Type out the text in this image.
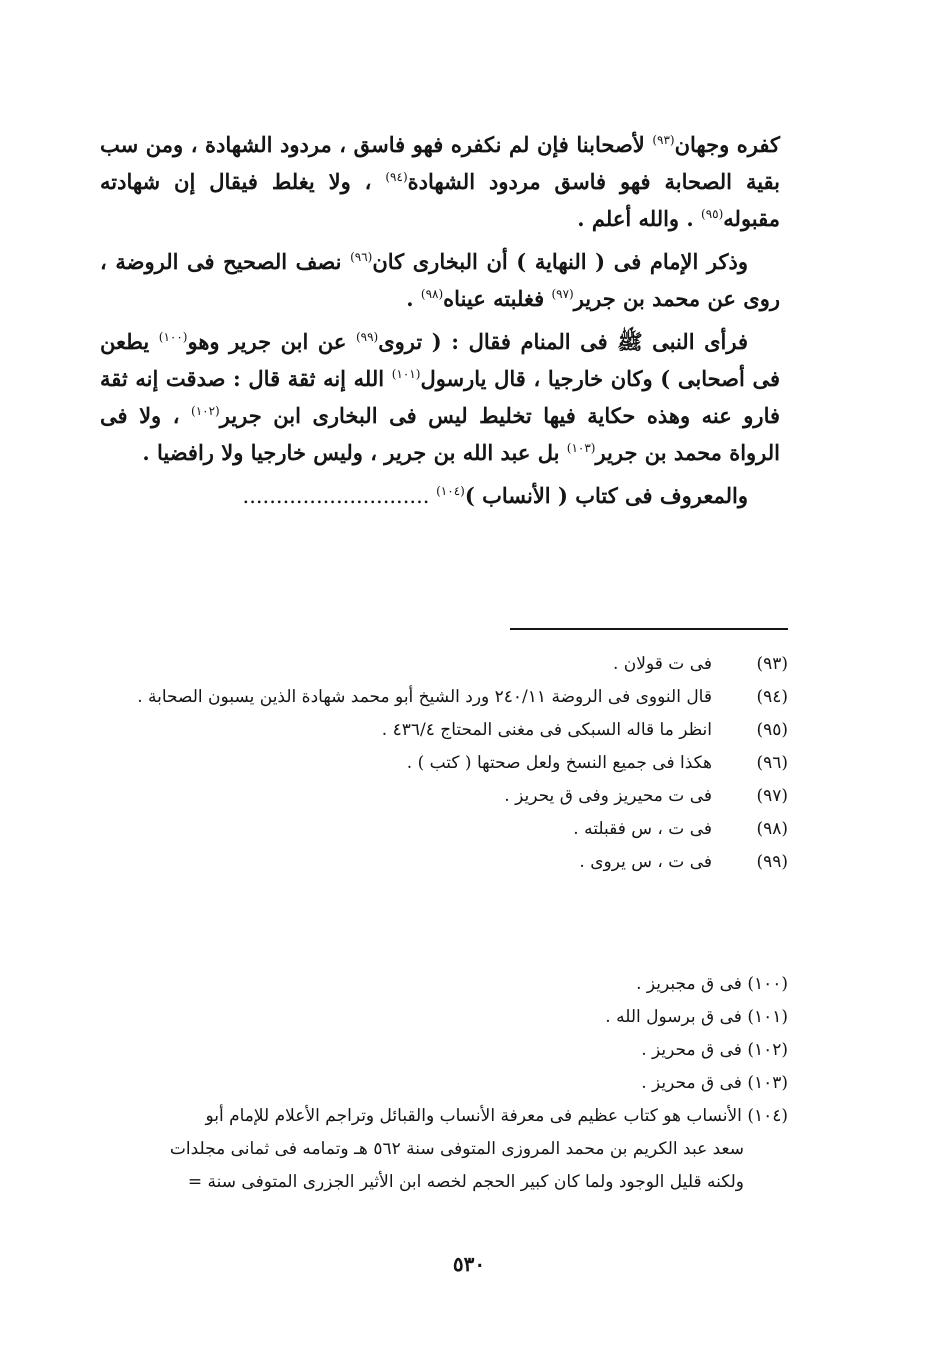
كفره وجهان$^{(٩٣)}$ لأصحابنا فإن لم نكفره فهو فاسق ، مردود الشهادة ، ومن سب بقية الصحابة فهو فاسق مردود الشهادة$^{(٩٤)}$ ، ولا يغلط فيقال إن شهادته مقبوله$^{(٩٥)}$ . والله أعلم .

وذكر الإمام فى ( النهاية ) أن البخارى كان$^{(٩٦)}$ نصف الصحيح فى الروضة ، روى عن محمد بن جرير$^{(٩٧)}$ فغلبته عيناه$^{(٩٨)}$ .

فرأى النبى ﷺ فى المنام فقال : ( تروى$^{(٩٩)}$ عن ابن جرير وهو$^{(١٠٠)}$ يطعن فى أصحابى ) وكان خارجيا ، قال يارسول$^{(١٠١)}$ الله إنه ثقة قال : صدقت إنه ثقة فارو عنه وهذه حكاية فيها تخليط ليس فى البخارى ابن جرير$^{(١٠٢)}$ ، ولا فى الرواة محمد بن جرير$^{(١٠٣)}$ بل عبد الله بن جرير ، وليس خارجيا ولا رافضيا .

والمعروف فى كتاب ( الأنساب )$^{(١٠٤)}$ ............................

(٩٣)
فى ت قولان .
(٩٤)
قال النووى فى الروضة ٢٤٠/١١ ورد الشيخ أبو محمد شهادة الذين يسبون الصحابة .
(٩٥)
انظر ما قاله السبكى فى مغنى المحتاج ٤٣٦/٤ .
(٩٦)
هكذا فى جميع النسخ ولعل صحتها ( كتب ) .
(٩٧)
فى ت محيريز وفى ق يحريز .
(٩٨)
فى ت ، س فقبلته .
(٩٩)
فى ت ، س يروى .
(١٠٠) فى ق مجبريز .
(١٠١) فى ق برسول الله .
(١٠٢) فى ق محريز .
(١٠٣) فى ق محريز .
(١٠٤) الأنساب هو كتاب عظيم فى معرفة الأنساب والقبائل وتراجم الأعلام للإمام أبو
سعد عبد الكريم بن محمد المروزى المتوفى سنة ٥٦٢ هـ وتمامه فى ثمانى مجلدات
ولكنه قليل الوجود ولما كان كبير الحجم لخصه ابن الأثير الجزرى المتوفى سنة =
٥٣٠
